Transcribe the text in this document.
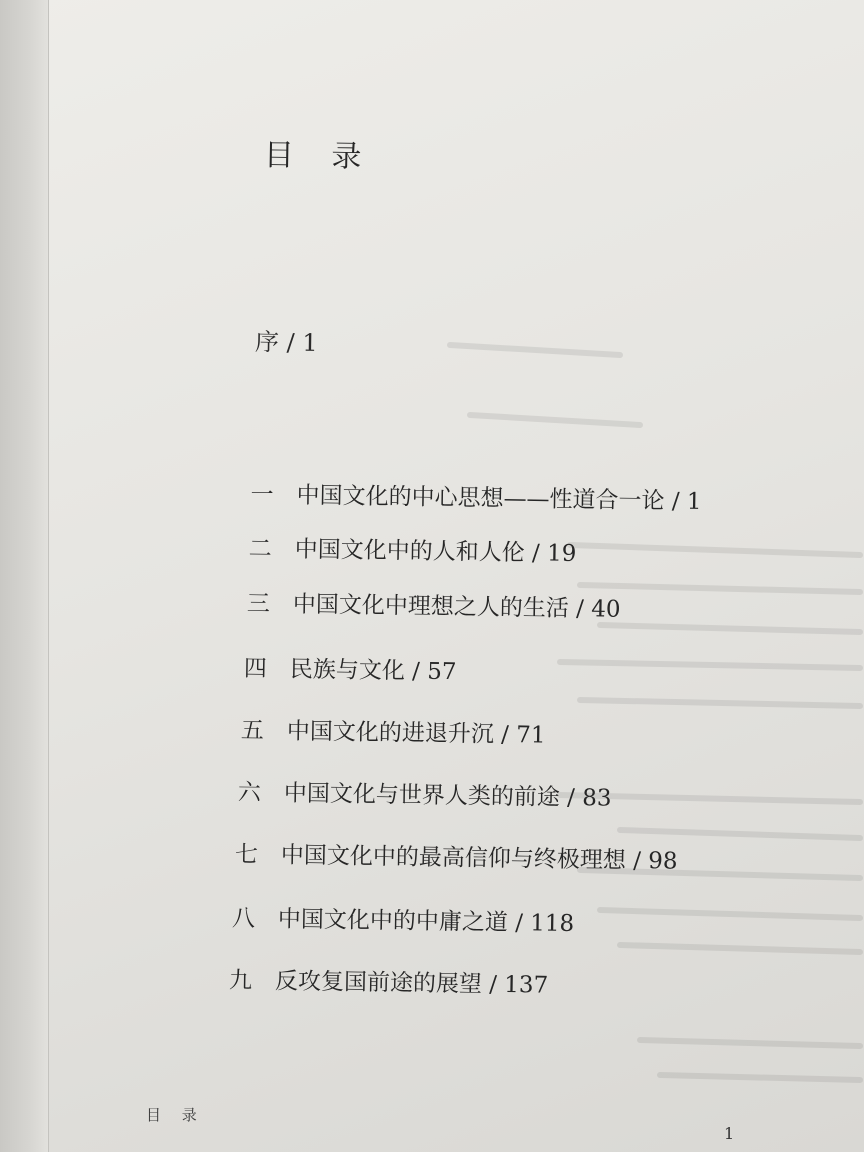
目 录
序 / 1
一 中国文化的中心思想——性道合一论 / 1
二 中国文化中的人和人伦 / 19
三 中国文化中理想之人的生活 / 40
四 民族与文化 / 57
五 中国文化的进退升沉 / 71
六 中国文化与世界人类的前途 / 83
七 中国文化中的最高信仰与终极理想 / 98
八 中国文化中的中庸之道 / 118
九 反攻复国前途的展望 / 137
目 录
1
